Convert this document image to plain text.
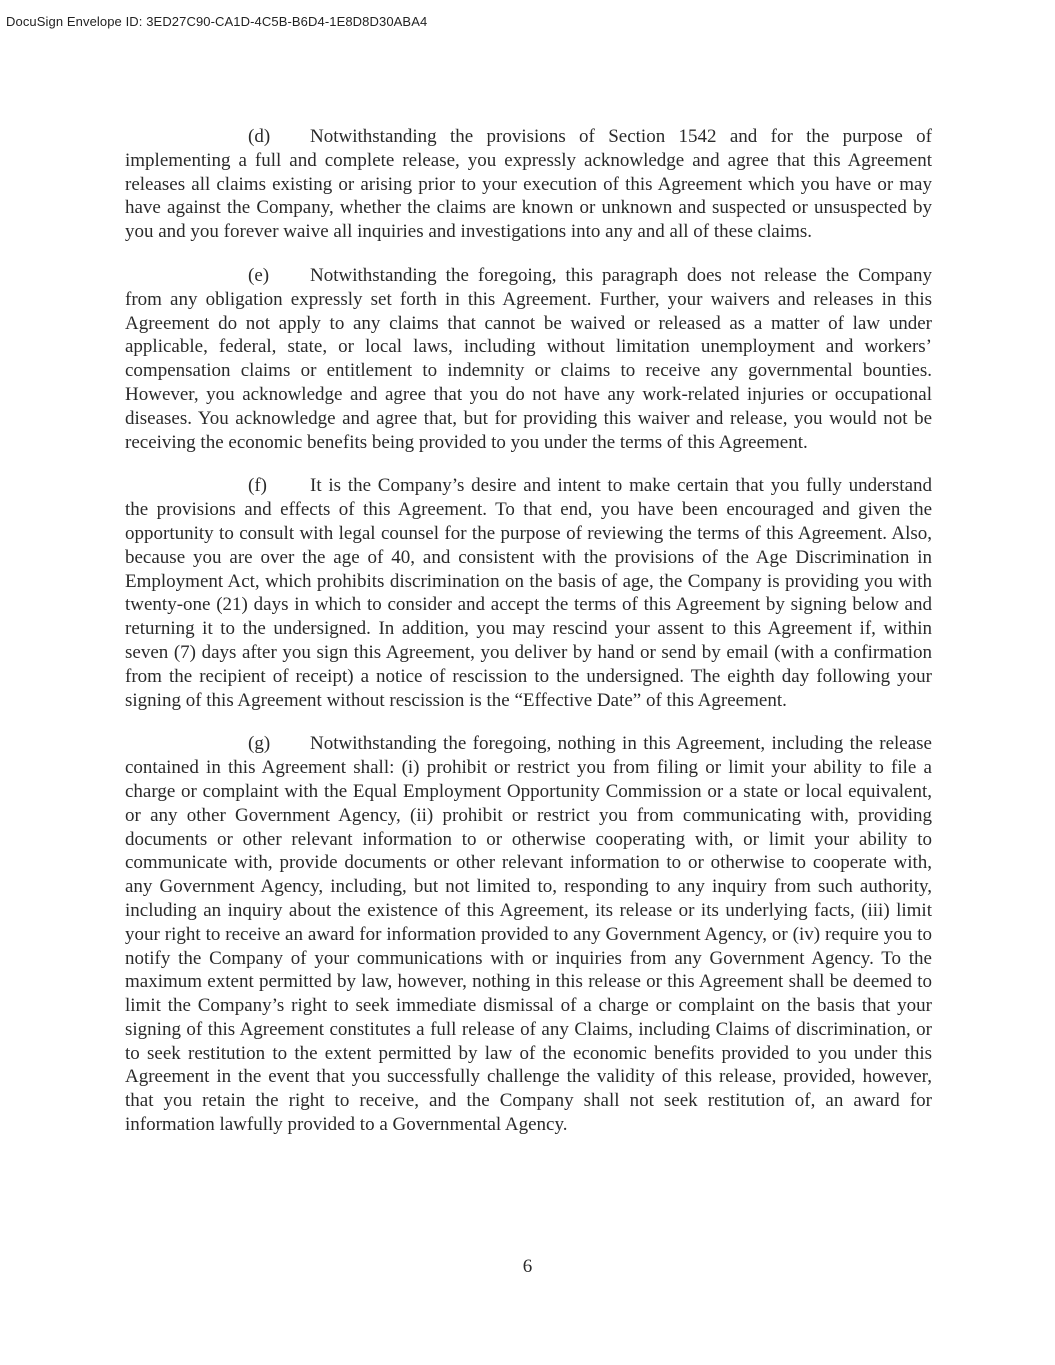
DocuSign Envelope ID: 3ED27C90-CA1D-4C5B-B6D4-1E8D8D30ABA4

(d) Notwithstanding the provisions of Section 1542 and for the purpose of implementing a full and complete release, you expressly acknowledge and agree that this Agreement releases all claims existing or arising prior to your execution of this Agreement which you have or may have against the Company, whether the claims are known or unknown and suspected or unsuspected by you and you forever waive all inquiries and investigations into any and all of these claims.

(e) Notwithstanding the foregoing, this paragraph does not release the Company from any obligation expressly set forth in this Agreement. Further, your waivers and releases in this Agreement do not apply to any claims that cannot be waived or released as a matter of law under applicable, federal, state, or local laws, including without limitation unemployment and workers’ compensation claims or entitlement to indemnity or claims to receive any governmental bounties. However, you acknowledge and agree that you do not have any work-related injuries or occupational diseases. You acknowledge and agree that, but for providing this waiver and release, you would not be receiving the economic benefits being provided to you under the terms of this Agreement.

(f) It is the Company’s desire and intent to make certain that you fully understand the provisions and effects of this Agreement. To that end, you have been encouraged and given the opportunity to consult with legal counsel for the purpose of reviewing the terms of this Agreement. Also, because you are over the age of 40, and consistent with the provisions of the Age Discrimination in Employment Act, which prohibits discrimination on the basis of age, the Company is providing you with twenty-one (21) days in which to consider and accept the terms of this Agreement by signing below and returning it to the undersigned. In addition, you may rescind your assent to this Agreement if, within seven (7) days after you sign this Agreement, you deliver by hand or send by email (with a confirmation from the recipient of receipt) a notice of rescission to the undersigned. The eighth day following your signing of this Agreement without rescission is the “Effective Date” of this Agreement.

(g) Notwithstanding the foregoing, nothing in this Agreement, including the release contained in this Agreement shall: (i) prohibit or restrict you from filing or limit your ability to file a charge or complaint with the Equal Employment Opportunity Commission or a state or local equivalent, or any other Government Agency, (ii) prohibit or restrict you from communicating with, providing documents or other relevant information to or otherwise cooperating with, or limit your ability to communicate with, provide documents or other relevant information to or otherwise to cooperate with, any Government Agency, including, but not limited to, responding to any inquiry from such authority, including an inquiry about the existence of this Agreement, its release or its underlying facts, (iii) limit your right to receive an award for information provided to any Government Agency, or (iv) require you to notify the Company of your communications with or inquiries from any Government Agency. To the maximum extent permitted by law, however, nothing in this release or this Agreement shall be deemed to limit the Company’s right to seek immediate dismissal of a charge or complaint on the basis that your signing of this Agreement constitutes a full release of any Claims, including Claims of discrimination, or to seek restitution to the extent permitted by law of the economic benefits provided to you under this Agreement in the event that you successfully challenge the validity of this release, provided, however, that you retain the right to receive, and the Company shall not seek restitution of, an award for information lawfully provided to a Governmental Agency.

6
